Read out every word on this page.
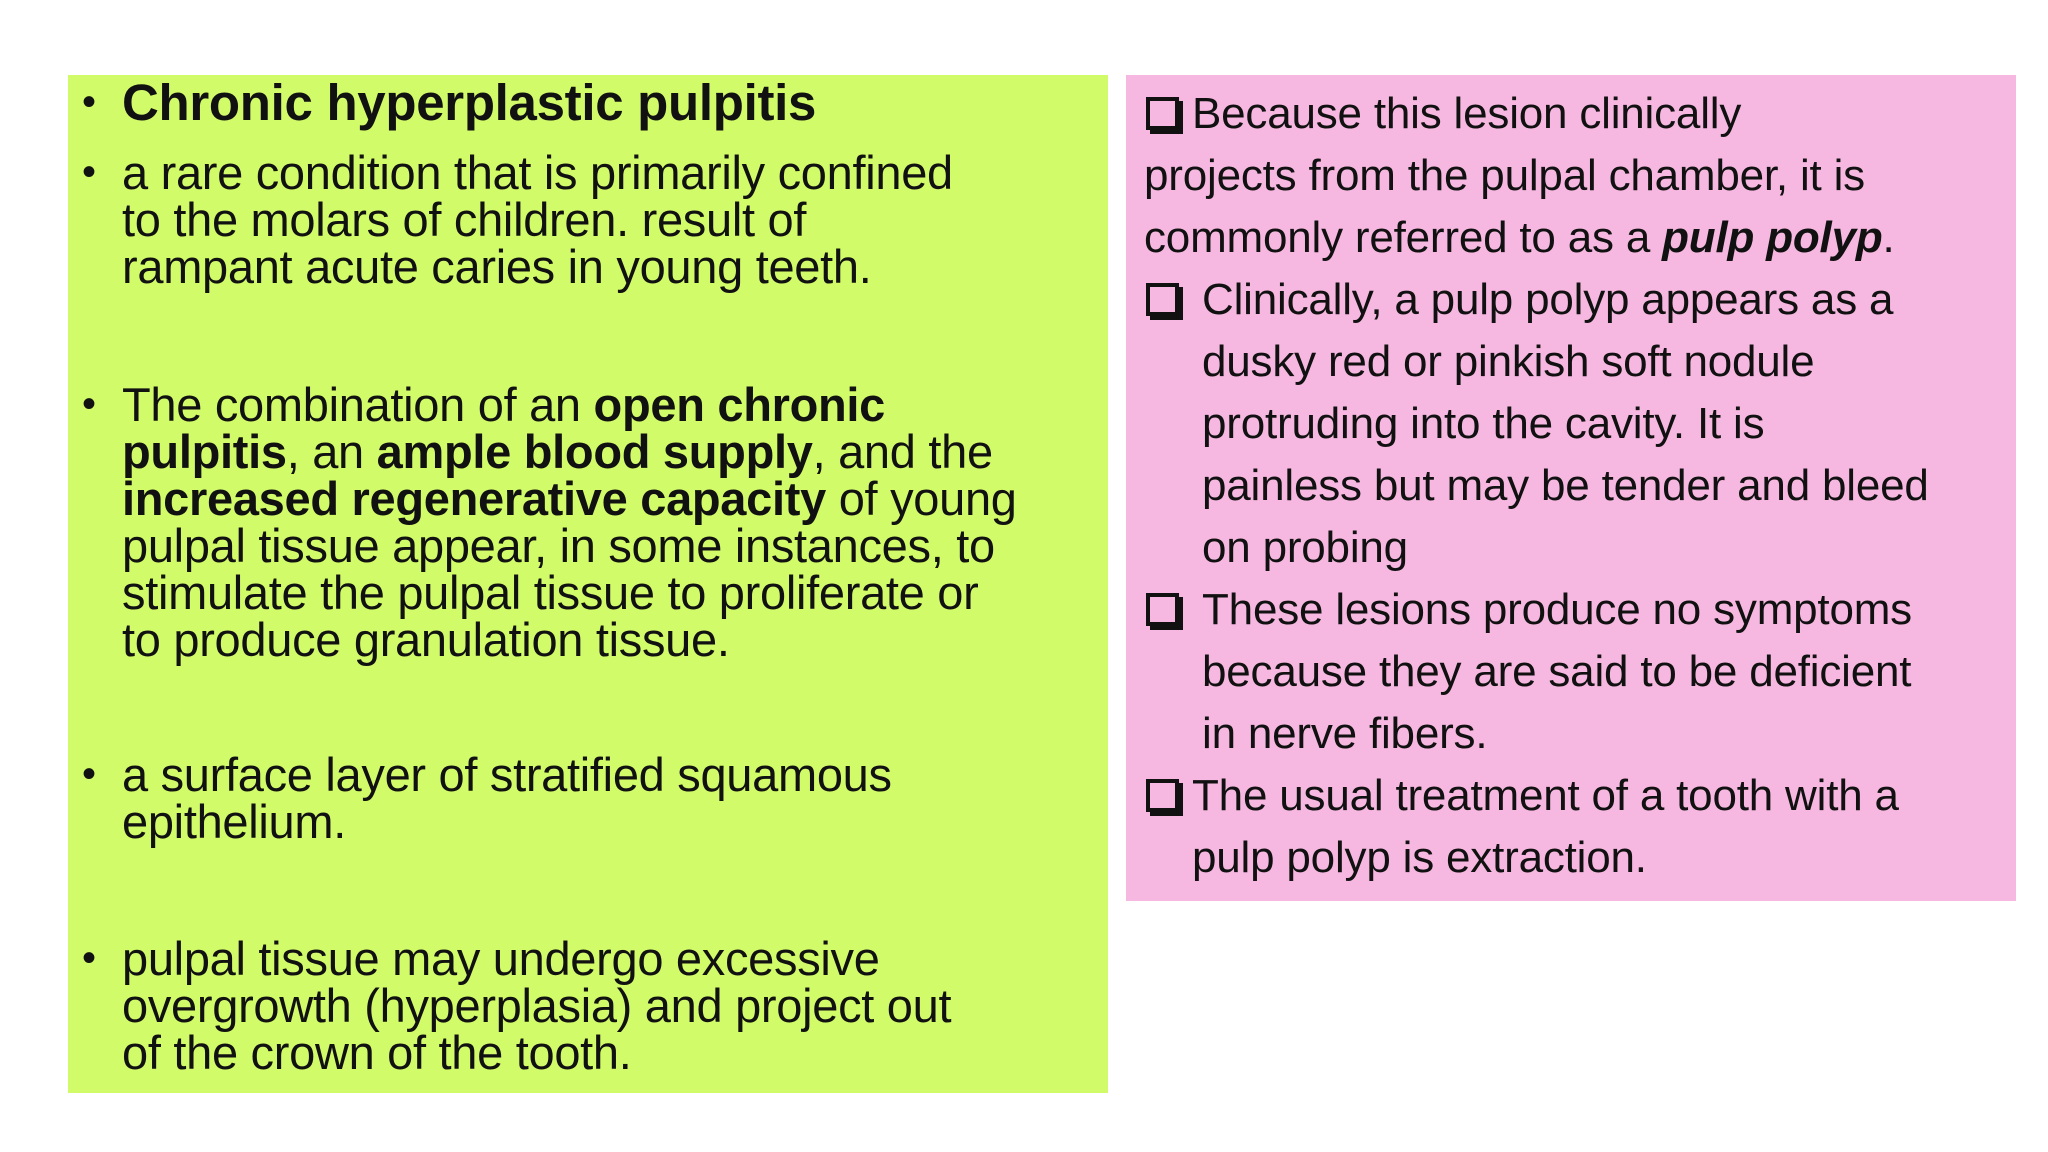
• Chronic hyperplastic pulpitis
• a rare condition that is primarily confined
to the molars of children. result of
rampant acute caries in young teeth.
• The combination of an open chronic
pulpitis, an ample blood supply, and the
increased regenerative capacity of young
pulpal tissue appear, in some instances, to
stimulate the pulpal tissue to proliferate or
to produce granulation tissue.
• a surface layer of stratified squamous
epithelium.
• pulpal tissue may undergo excessive
overgrowth (hyperplasia) and project out
of the crown of the tooth.
Because this lesion clinically
projects from the pulpal chamber, it is
commonly referred to as a pulp polyp.
Clinically, a pulp polyp appears as a
dusky red or pinkish soft nodule
protruding into the cavity. It is
painless but may be tender and bleed
on probing
These lesions produce no symptoms
because they are said to be deficient
in nerve fibers.
The usual treatment of a tooth with a
pulp polyp is extraction.
